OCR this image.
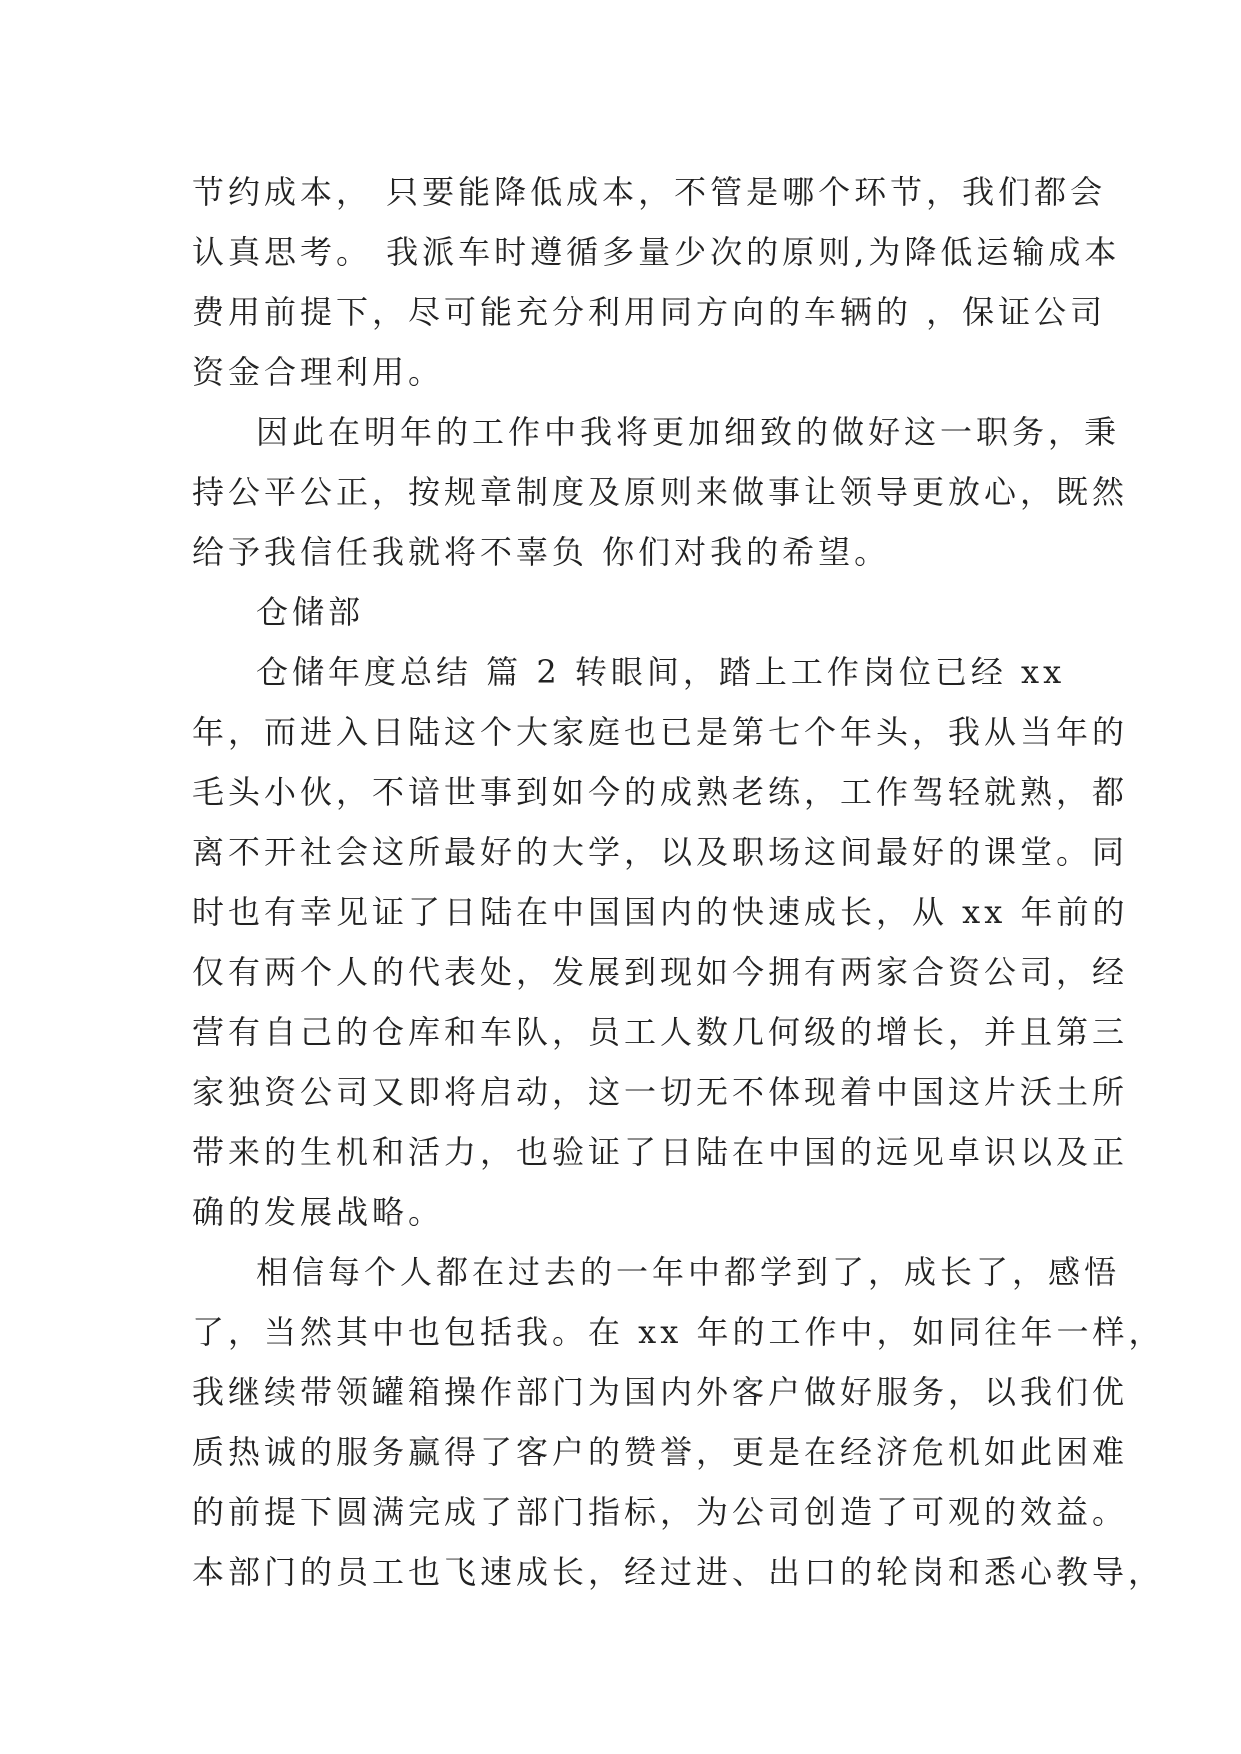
节约成本， 只要能降低成本，不管是哪个环节，我们都会
认真思考。 我派车时遵循多量少次的原则,为降低运输成本
费用前提下，尽可能充分利用同方向的车辆的 ，保证公司
资金合理利用。
因此在明年的工作中我将更加细致的做好这一职务，秉
持公平公正，按规章制度及原则来做事让领导更放心，既然
给予我信任我就将不辜负 你们对我的希望。
仓储部
仓储年度总结 篇 2 转眼间，踏上工作岗位已经 xx
年，而进入日陆这个大家庭也已是第七个年头，我从当年的
毛头小伙，不谙世事到如今的成熟老练，工作驾轻就熟，都
离不开社会这所最好的大学，以及职场这间最好的课堂。同
时也有幸见证了日陆在中国国内的快速成长，从 xx 年前的
仅有两个人的代表处，发展到现如今拥有两家合资公司，经
营有自己的仓库和车队，员工人数几何级的增长，并且第三
家独资公司又即将启动，这一切无不体现着中国这片沃土所
带来的生机和活力，也验证了日陆在中国的远见卓识以及正
确的发展战略。
相信每个人都在过去的一年中都学到了，成长了，感悟
了，当然其中也包括我。在 xx 年的工作中，如同往年一样，
我继续带领罐箱操作部门为国内外客户做好服务，以我们优
质热诚的服务赢得了客户的赞誉，更是在经济危机如此困难
的前提下圆满完成了部门指标，为公司创造了可观的效益。
本部门的员工也飞速成长，经过进、出口的轮岗和悉心教导，
